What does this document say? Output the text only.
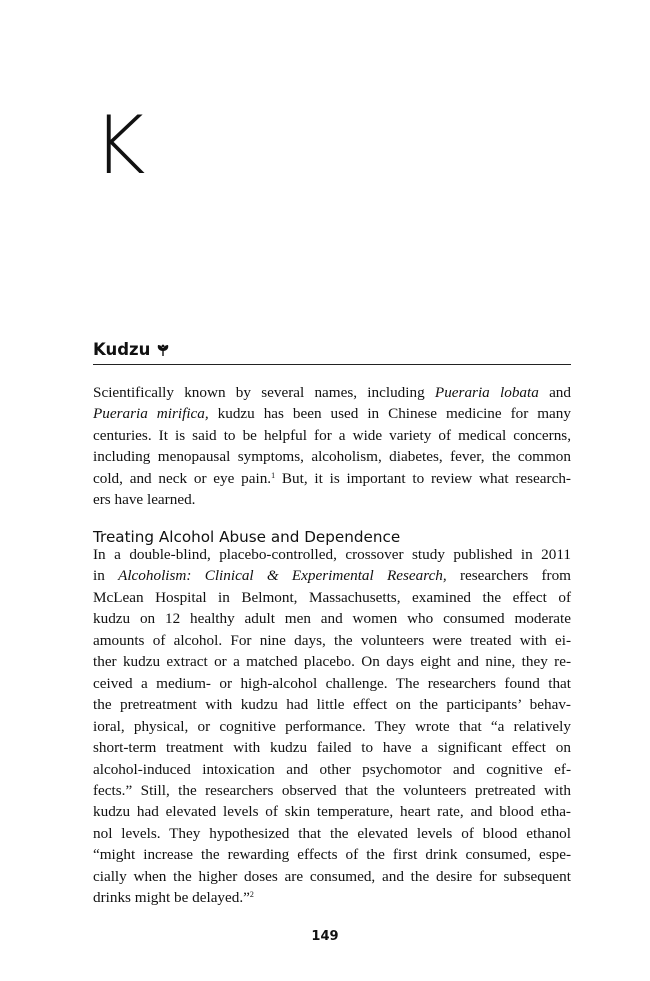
K
Kudzu

Scientifically known by several names, including Pueraria lobata and

Pueraria mirifica, kudzu has been used in Chinese medicine for many

centuries. It is said to be helpful for a wide variety of medical concerns,

including menopausal symptoms, alcoholism, diabetes, fever, the common

cold, and neck or eye pain.$^1$ But, it is important to review what research-

ers have learned.

Treating Alcohol Abuse and Dependence

In a double-blind, placebo-controlled, crossover study published in 2011

in Alcoholism: Clinical & Experimental Research, researchers from

McLean Hospital in Belmont, Massachusetts, examined the effect of

kudzu on 12 healthy adult men and women who consumed moderate

amounts of alcohol. For nine days, the volunteers were treated with ei-

ther kudzu extract or a matched placebo. On days eight and nine, they re-

ceived a medium- or high-alcohol challenge. The researchers found that

the pretreatment with kudzu had little effect on the participants’ behav-

ioral, physical, or cognitive performance. They wrote that “a relatively

short-term treatment with kudzu failed to have a significant effect on

alcohol-induced intoxication and other psychomotor and cognitive ef-

fects.” Still, the researchers observed that the volunteers pretreated with

kudzu had elevated levels of skin temperature, heart rate, and blood etha-

nol levels. They hypothesized that the elevated levels of blood ethanol

“might increase the rewarding effects of the first drink consumed, espe-

cially when the higher doses are consumed, and the desire for subsequent

drinks might be delayed.”$^2$

149
